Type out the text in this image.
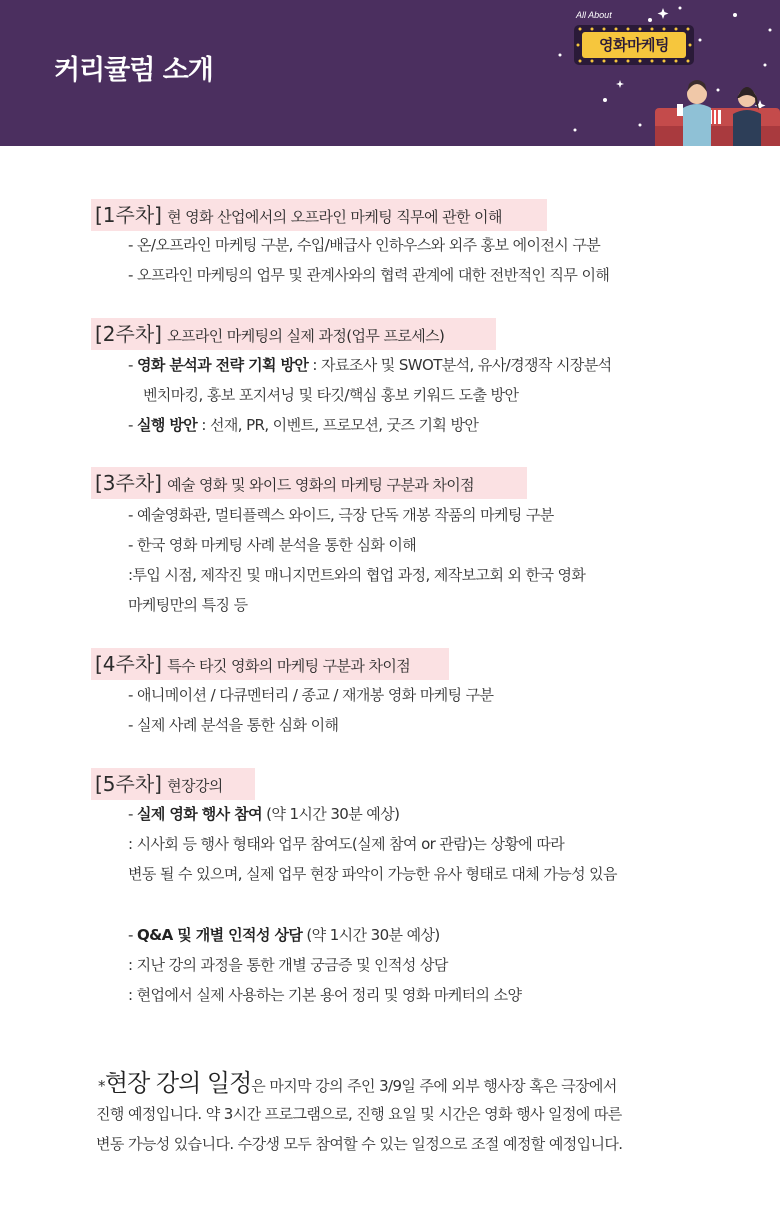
커리큘럼 소개
All About
영화마케팅
[1주차] 현 영화 산업에서의 오프라인 마케팅 직무에 관한 이해
- 온/오프라인 마케팅 구분, 수입/배급사 인하우스와 외주 홍보 에이전시 구분
- 오프라인 마케팅의 업무 및 관계사와의 협력 관계에 대한 전반적인 직무 이해
[2주차] 오프라인 마케팅의 실제 과정(업무 프로세스)
- 영화 분석과 전략 기획 방안 : 자료조사 및 SWOT분석, 유사/경쟁작 시장분석
벤치마킹, 홍보 포지셔닝 및 타깃/핵심 홍보 키워드 도출 방안
- 실행 방안 : 선재, PR, 이벤트, 프로모션, 굿즈 기획 방안
[3주차] 예술 영화 및 와이드 영화의 마케팅 구분과 차이점
- 예술영화관, 멀티플렉스 와이드, 극장 단독 개봉 작품의 마케팅 구분
- 한국 영화 마케팅 사례 분석을 통한 심화 이해
:투입 시점, 제작진 및 매니지먼트와의 협업 과정, 제작보고회 외 한국 영화
마케팅만의 특징 등
[4주차] 특수 타깃 영화의 마케팅 구분과 차이점
- 애니메이션 / 다큐멘터리 / 종교 / 재개봉 영화 마케팅 구분
- 실제 사례 분석을 통한 심화 이해
[5주차] 현장강의
- 실제 영화 행사 참여 (약 1시간 30분 예상)
: 시사회 등 행사 형태와 업무 참여도(실제 참여 or 관람)는 상황에 따라
변동 될 수 있으며, 실제 업무 현장 파악이 가능한 유사 형태로 대체 가능성 있음
- Q&A 및 개별 인적성 상담 (약 1시간 30분 예상)
: 지난 강의 과정을 통한 개별 궁금증 및 인적성 상담
: 현업에서 실제 사용하는 기본 용어 정리 및 영화 마케터의 소양
*현장 강의 일정은 마지막 강의 주인 3/9일 주에 외부 행사장 혹은 극장에서
진행 예정입니다. 약 3시간 프로그램으로, 진행 요일 및 시간은 영화 행사 일정에 따른
변동 가능성 있습니다. 수강생 모두 참여할 수 있는 일정으로 조절 예정할 예정입니다.
